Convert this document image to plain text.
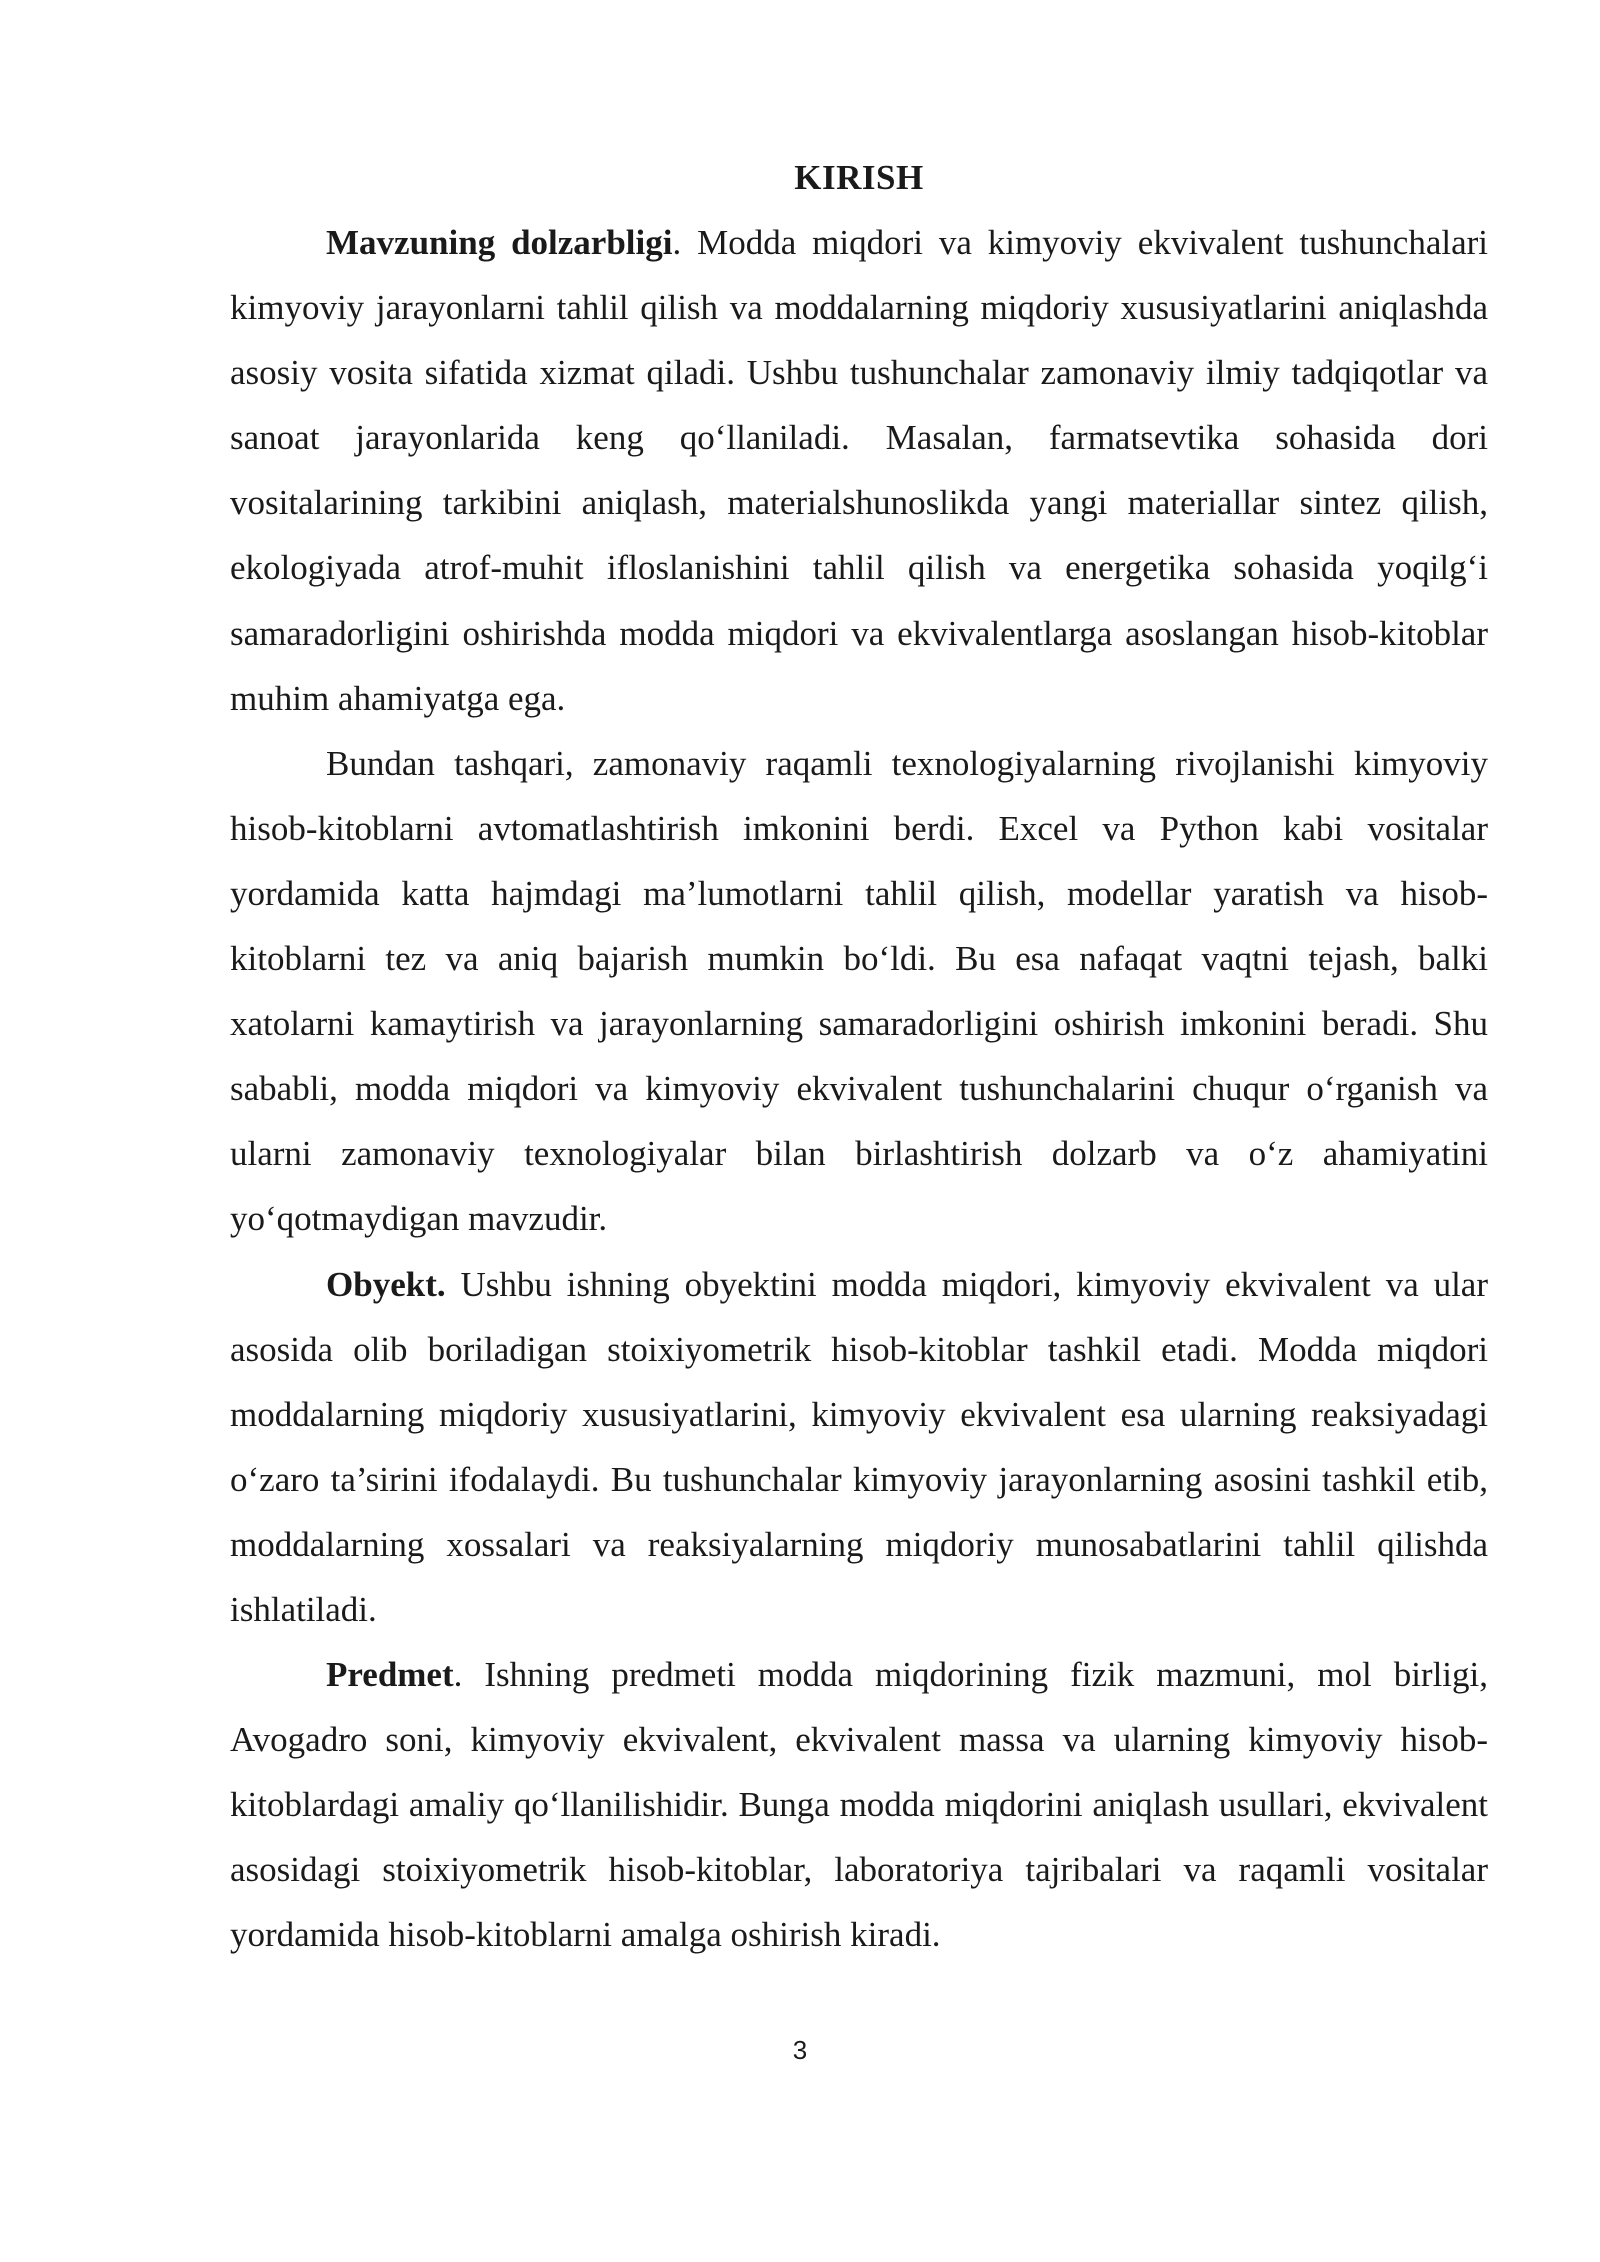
KIRISH

Mavzuning dolzarbligi. Modda miqdori va kimyoviy ekvivalent tushunchalari kimyoviy jarayonlarni tahlil qilish va moddalarning miqdoriy xususiyatlarini aniqlashda asosiy vosita sifatida xizmat qiladi. Ushbu tushunchalar zamonaviy ilmiy tadqiqotlar va sanoat jarayonlarida keng qo‘llaniladi. Masalan, farmatsevtika sohasida dori vositalarining tarkibini aniqlash, materialshunoslikda yangi materiallar sintez qilish, ekologiyada atrof-muhit ifloslanishini tahlil qilish va energetika sohasida yoqilg‘i samaradorligini oshirishda modda miqdori va ekvivalentlarga asoslangan hisob-kitoblar muhim ahamiyatga ega.

Bundan tashqari, zamonaviy raqamli texnologiyalarning rivojlanishi kimyoviy hisob-kitoblarni avtomatlashtirish imkonini berdi. Excel va Python kabi vositalar yordamida katta hajmdagi ma’lumotlarni tahlil qilish, modellar yaratish va hisob-kitoblarni tez va aniq bajarish mumkin bo‘ldi. Bu esa nafaqat vaqtni tejash, balki xatolarni kamaytirish va jarayonlarning samaradorligini oshirish imkonini beradi. Shu sababli, modda miqdori va kimyoviy ekvivalent tushunchalarini chuqur o‘rganish va ularni zamonaviy texnologiyalar bilan birlashtirish dolzarb va o‘z ahamiyatini yo‘qotmaydigan mavzudir.

Obyekt. Ushbu ishning obyektini modda miqdori, kimyoviy ekvivalent va ular asosida olib boriladigan stoixiyometrik hisob-kitoblar tashkil etadi. Modda miqdori moddalarning miqdoriy xususiyatlarini, kimyoviy ekvivalent esa ularning reaksiyadagi o‘zaro ta’sirini ifodalaydi. Bu tushunchalar kimyoviy jarayonlarning asosini tashkil etib, moddalarning xossalari va reaksiyalarning miqdoriy munosabatlarini tahlil qilishda ishlatiladi.

Predmet. Ishning predmeti modda miqdorining fizik mazmuni, mol birligi, Avogadro soni, kimyoviy ekvivalent, ekvivalent massa va ularning kimyoviy hisob-kitoblardagi amaliy qo‘llanilishidir. Bunga modda miqdorini aniqlash usullari, ekvivalent asosidagi stoixiyometrik hisob-kitoblar, laboratoriya tajribalari va raqamli vositalar yordamida hisob-kitoblarni amalga oshirish kiradi.

3
